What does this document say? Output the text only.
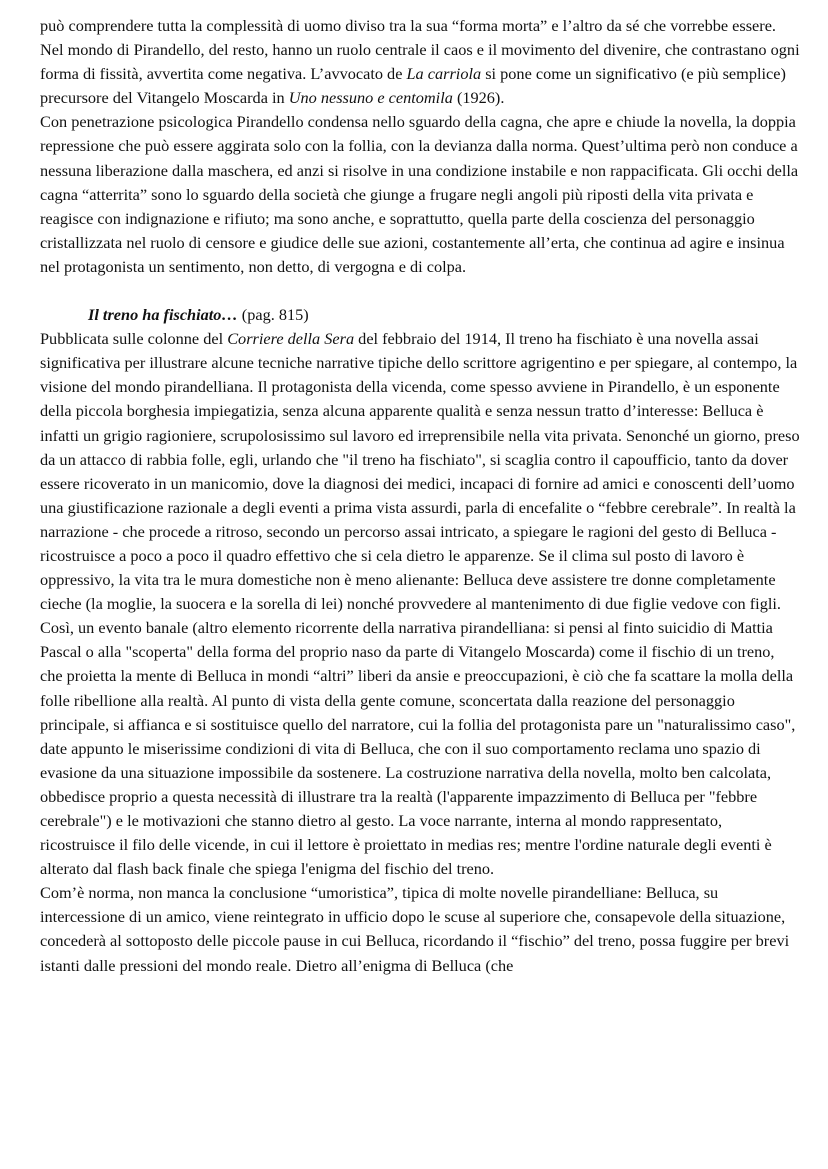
può comprendere tutta la complessità di uomo diviso tra la sua “forma morta” e l’altro da sé che vorrebbe essere. Nel mondo di Pirandello, del resto, hanno un ruolo centrale il caos e il movimento del divenire, che contrastano ogni forma di fissità, avvertita come negativa. L’avvocato de La carriola si pone come un significativo (e più semplice) precursore del Vitangelo Moscarda in Uno nessuno e centomila (1926).

Con penetrazione psicologica Pirandello condensa nello sguardo della cagna, che apre e chiude la novella, la doppia repressione che può essere aggirata solo con la follia, con la devianza dalla norma. Quest’ultima però non conduce a nessuna liberazione dalla maschera, ed anzi si risolve in una condizione instabile e non rappacificata. Gli occhi della cagna “atterrita” sono lo sguardo della società che giunge a frugare negli angoli più riposti della vita privata e reagisce con indignazione e rifiuto; ma sono anche, e soprattutto, quella parte della coscienza del personaggio cristallizzata nel ruolo di censore e giudice delle sue azioni, costantemente all’erta, che continua ad agire e insinua nel protagonista un sentimento, non detto, di vergogna e di colpa.

Il treno ha fischiato… (pag. 815)

Pubblicata sulle colonne del Corriere della Sera del febbraio del 1914, Il treno ha fischiato è una novella assai significativa per illustrare alcune tecniche narrative tipiche dello scrittore agrigentino e per spiegare, al contempo, la visione del mondo pirandelliana. Il protagonista della vicenda, come spesso avviene in Pirandello, è un esponente della piccola borghesia impiegatizia, senza alcuna apparente qualità e senza nessun tratto d’interesse: Belluca è infatti un grigio ragioniere, scrupolosissimo sul lavoro ed irreprensibile nella vita privata. Senonché un giorno, preso da un attacco di rabbia folle, egli, urlando che "il treno ha fischiato", si scaglia contro il capoufficio, tanto da dover essere ricoverato in un manicomio, dove la diagnosi dei medici, incapaci di fornire ad amici e conoscenti dell’uomo una giustificazione razionale a degli eventi a prima vista assurdi, parla di encefalite o “febbre cerebrale”. In realtà la narrazione - che procede a ritroso, secondo un percorso assai intricato, a spiegare le ragioni del gesto di Belluca - ricostruisce a poco a poco il quadro effettivo che si cela dietro le apparenze. Se il clima sul posto di lavoro è oppressivo, la vita tra le mura domestiche non è meno alienante: Belluca deve assistere tre donne completamente cieche (la moglie, la suocera e la sorella di lei) nonché provvedere al mantenimento di due figlie vedove con figli.

Così, un evento banale (altro elemento ricorrente della narrativa pirandelliana: si pensi al finto suicidio di Mattia Pascal o alla "scoperta" della forma del proprio naso da parte di Vitangelo Moscarda) come il fischio di un treno, che proietta la mente di Belluca in mondi “altri” liberi da ansie e preoccupazioni, è ciò che fa scattare la molla della folle ribellione alla realtà. Al punto di vista della gente comune, sconcertata dalla reazione del personaggio principale, si affianca e si sostituisce quello del narratore, cui la follia del protagonista pare un "naturalissimo caso", date appunto le miserissime condizioni di vita di Belluca, che con il suo comportamento reclama uno spazio di evasione da una situazione impossibile da sostenere. La costruzione narrativa della novella, molto ben calcolata, obbedisce proprio a questa necessità di illustrare tra la realtà (l'apparente impazzimento di Belluca per "febbre cerebrale") e le motivazioni che stanno dietro al gesto. La voce narrante, interna al mondo rappresentato, ricostruisce il filo delle vicende, in cui il lettore è proiettato in medias res; mentre l'ordine naturale degli eventi è alterato dal flash back finale che spiega l'enigma del fischio del treno.

Com’è norma, non manca la conclusione “umoristica”, tipica di molte novelle pirandelliane: Belluca, su intercessione di un amico, viene reintegrato in ufficio dopo le scuse al superiore che, consapevole della situazione, concederà al sottoposto delle piccole pause in cui Belluca, ricordando il “fischio” del treno, possa fuggire per brevi istanti dalle pressioni del mondo reale. Dietro all’enigma di Belluca (che
